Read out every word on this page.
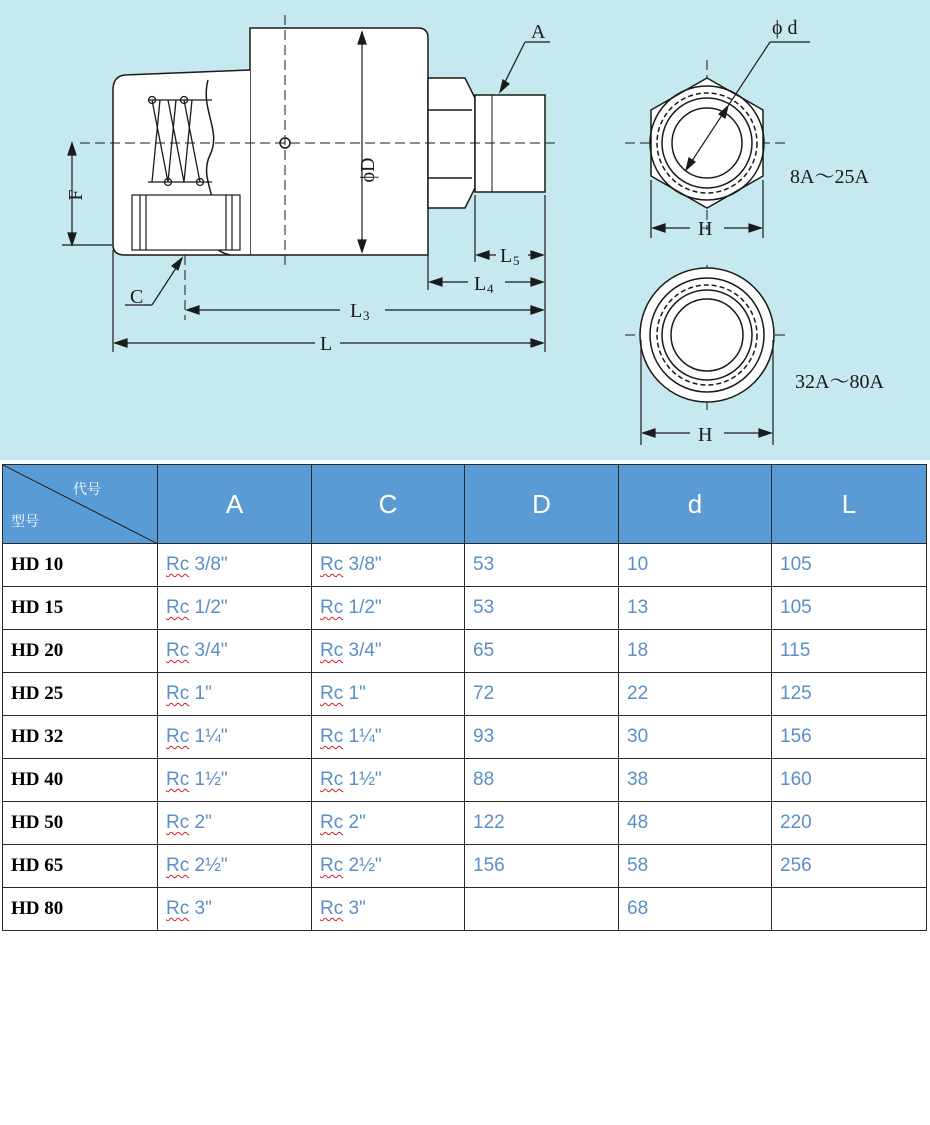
A	ϕ d
ϕD
F
C
L
L 3
L 4
L 5
H
H
8A～25A
32A～80A
代号
型号	A	C	D	d	L
HD 10	Rc 3/8"	Rc 3/8"	53	10	105
HD 15	Rc 1/2"	Rc 1/2"	53	13	105
HD 20	Rc 3/4"	Rc 3/4"	65	18	115
HD 25	Rc 1"	Rc 1"	72	22	125
HD 32	Rc 1¼"	Rc 1¼"	93	30	156
HD 40	Rc 1½"	Rc 1½"	88	38	160
HD 50	Rc 2"	Rc 2"	122	48	220
HD 65	Rc 2½"	Rc 2½"	156	58	256
HD 80	Rc 3"	Rc 3"		68	
